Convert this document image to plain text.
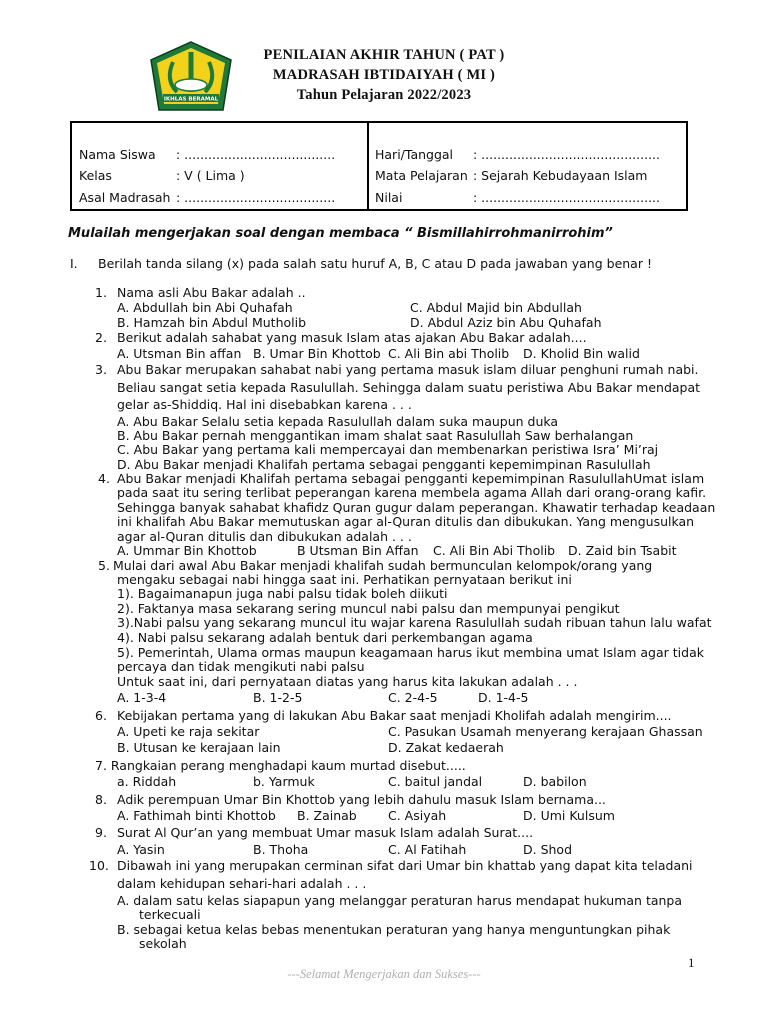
IKHLAS BERAMAL
PENILAIAN AKHIR TAHUN ( PAT )
MADRASAH IBTIDAIYAH ( MI )
Tahun Pelajaran 2022/2023
Nama Siswa : ......................................
Kelas	: V ( Lima )
Asal Madrasah : ......................................
Hari/Tanggal : .............................................
Mata Pelajaran : Sejarah Kebudayaan Islam
Nilai	: .............................................
Mulailah mengerjakan soal dengan membaca “ Bismillahirrohmanirrohim”
I. Berilah tanda silang (x) pada salah satu huruf A, B, C atau D pada jawaban yang benar !
1. Nama asli Abu Bakar adalah ..
A. Abdullah bin Abi Quhafah	C. Abdul Majid bin Abdullah
B. Hamzah bin Abdul Mutholib	D. Abdul Aziz bin Abu Quhafah
2. Berikut adalah sahabat yang masuk Islam atas ajakan Abu Bakar adalah....
A. Utsman Bin affan B. Umar Bin Khottob C. Ali Bin abi Tholib D. Kholid Bin walid
3. Abu Bakar merupakan sahabat nabi yang pertama masuk islam diluar penghuni rumah nabi.
Beliau sangat setia kepada Rasulullah. Sehingga dalam suatu peristiwa Abu Bakar mendapat
gelar as-Shiddiq. Hal ini disebabkan karena . . .
A. Abu Bakar Selalu setia kepada Rasulullah dalam suka maupun duka
B. Abu Bakar pernah menggantikan imam shalat saat Rasulullah Saw berhalangan
C. Abu Bakar yang pertama kali mempercayai dan membenarkan peristiwa Isra’ Mi’raj
D. Abu Bakar menjadi Khalifah pertama sebagai pengganti kepemimpinan Rasulullah
4. Abu Bakar menjadi Khalifah pertama sebagai pengganti kepemimpinan RasulullahUmat islam
pada saat itu sering terlibat peperangan karena membela agama Allah dari orang-orang kafir.
Sehingga banyak sahabat khafidz Quran gugur dalam peperangan. Khawatir terhadap keadaan
ini khalifah Abu Bakar memutuskan agar al-Quran ditulis dan dibukukan. Yang mengusulkan
agar al-Quran ditulis dan dibukukan adalah . . .
A. Ummar Bin Khottob	B Utsman Bin Affan C. Ali Bin Abi Tholib D. Zaid bin Tsabit
5. Mulai dari awal Abu Bakar menjadi khalifah sudah bermunculan kelompok/orang yang
mengaku sebagai nabi hingga saat ini. Perhatikan pernyataan berikut ini
1). Bagaimanapun juga nabi palsu tidak boleh diikuti
2). Faktanya masa sekarang sering muncul nabi palsu dan mempunyai pengikut
3).Nabi palsu yang sekarang muncul itu wajar karena Rasulullah sudah ribuan tahun lalu wafat
4). Nabi palsu sekarang adalah bentuk dari perkembangan agama
5). Pemerintah, Ulama ormas maupun keagamaan harus ikut membina umat Islam agar tidak
percaya dan tidak mengikuti nabi palsu
Untuk saat ini, dari pernyataan diatas yang harus kita lakukan adalah . . .
A. 1-3-4	B. 1-2-5	C. 2-4-5	D. 1-4-5
6. Kebijakan pertama yang di lakukan Abu Bakar saat menjadi Kholifah adalah mengirim....
A. Upeti ke raja sekitar	C. Pasukan Usamah menyerang kerajaan Ghassan
B. Utusan ke kerajaan lain	D. Zakat kedaerah
7. Rangkaian perang menghadapi kaum murtad disebut.....
a. Riddah	b. Yarmuk	C. baitul jandal	D. babilon
8. Adik perempuan Umar Bin Khottob yang lebih dahulu masuk Islam bernama...
A. Fathimah binti Khottob B. Zainab	C. Asiyah	D. Umi Kulsum
9. Surat Al Qur’an yang membuat Umar masuk Islam adalah Surat....
A. Yasin	B. Thoha	C. Al Fatihah	D. Shod
10. Dibawah ini yang merupakan cerminan sifat dari Umar bin khattab yang dapat kita teladani
dalam kehidupan sehari-hari adalah . . .
A. dalam satu kelas siapapun yang melanggar peraturan harus mendapat hukuman tanpa
terkecuali
B. sebagai ketua kelas bebas menentukan peraturan yang hanya menguntungkan pihak
sekolah
1
---Selamat Mengerjakan dan Sukses---
